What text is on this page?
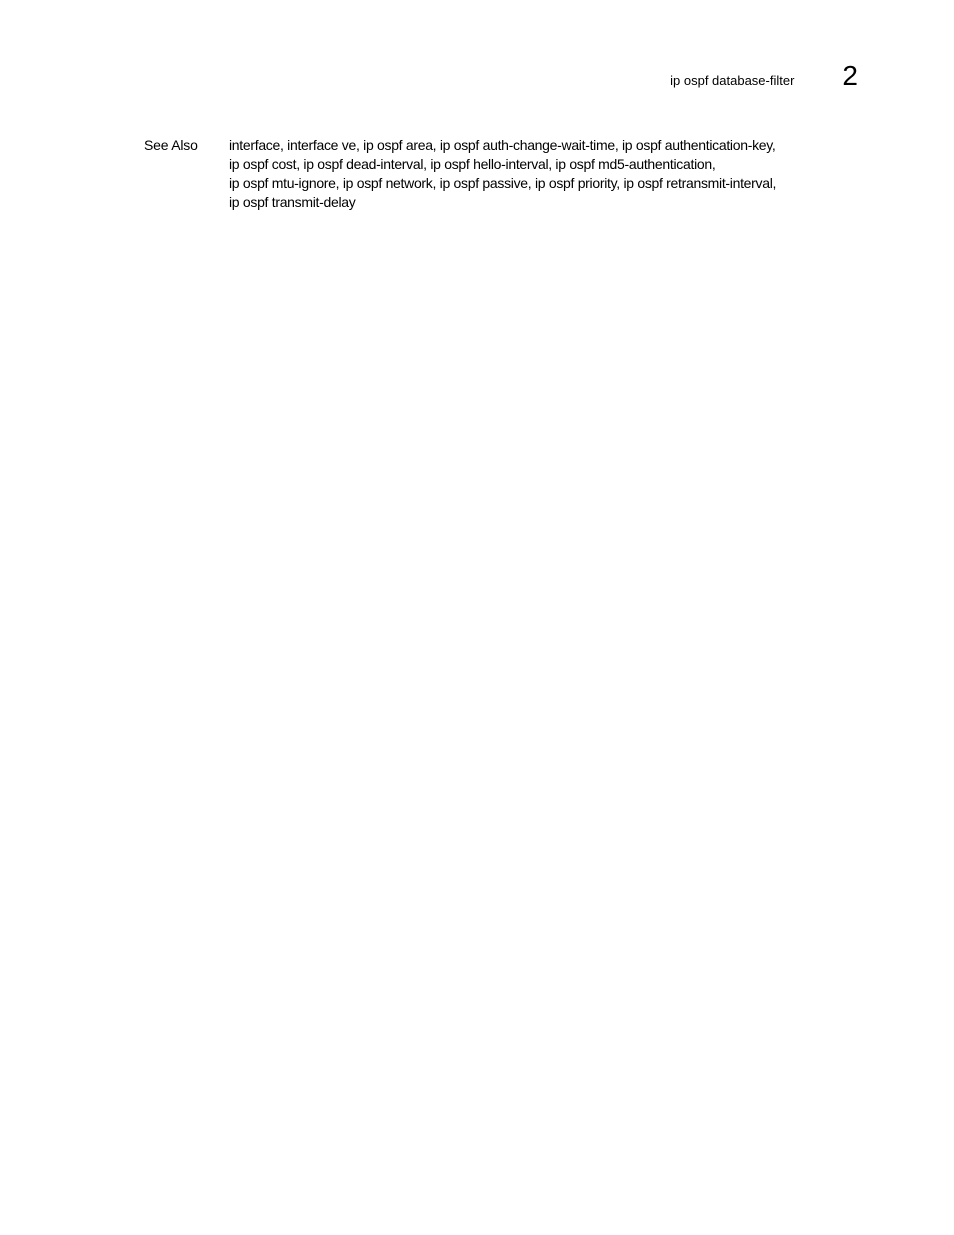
ip ospf database-filter 2
See Also	interface, interface ve, ip ospf area, ip ospf auth-change-wait-time, ip ospf authentication-key,
ip ospf cost, ip ospf dead-interval, ip ospf hello-interval, ip ospf md5-authentication,
ip ospf mtu-ignore, ip ospf network, ip ospf passive, ip ospf priority, ip ospf retransmit-interval,
ip ospf transmit-delay
